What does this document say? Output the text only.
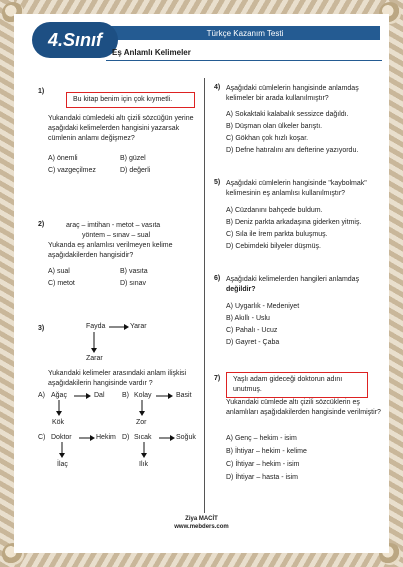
Türkçe Kazanım Testi
4.Sınıf
Eş Anlamlı Kelimeler
1)
Bu kitap benim için çok kıymetli.
Yukarıdaki cümledeki altı çizili sözcüğün yerine aşağıdaki kelimelerden hangisini yazarsak cümlenin anlamı değişmez?
A) önemli	B) güzel
C) vazgeçilmez	D) değerli
2)	araç – imtihan - metot – vasıta
yöntem – sınav – sual
Yukanda eş anlamlısı verilmeyen kelime aşağıdakilerden hangisidir?
A) sual	B) vasıta
C) metot	D) sınav
3)	Fayda	Yarar
Zarar
Yukarıdaki kelimeler arasındaki anlam ilişkisi aşağıdakilerin hangisinde vardır ?
A) Ağaç	Dal
Kök
B) Kolay	Basit
Zor
C) Doktor	Hekim
İlaç
D) Sıcak	Soğuk
Ilık
4) Aşağıdaki cümlelerin hangisinde anlamdaş kelimeler bir arada kullanılmıştır?
A) Sokaktaki kalabalık sessizce dağıldı.
B) Düşman olan ülkeler barıştı.
C) Gökhan çok hızlı koşar.
D) Defne hatıralını anı defterine yazıyordu.
5) Aşağıdaki cümlelerin hangisinde "kaybolmak" kelimesinin eş anlamlısı kullanılmıştır?
A) Cüzdanını bahçede buldum.
B) Deniz parkta arkadaşına giderken yitmiş.
C) Sıla ile İrem parkta buluşmuş.
D) Cebimdeki bilyeler düşmüş.
6) Aşağıdaki kelimelerden hangileri anlamdaş
değildir?
A) Uygarlık - Medeniyet
B) Akıllı - Uslu
C) Pahalı - Ucuz
D) Gayret - Çaba
7)	Yaşlı adam gideceği doktorun adını unutmuş.
Yukarıdaki cümlede altı çizili sözcüklerin eş anlamlıları aşağıdakilerden hangisinde verilmiştir?
A) Genç – hekim - isim
B) İhtiyar – hekim - kelime
C) İhtiyar – hekim - isim
D) İhtiyar – hasta - isim
Ziya MACİT
www.mebders.com
